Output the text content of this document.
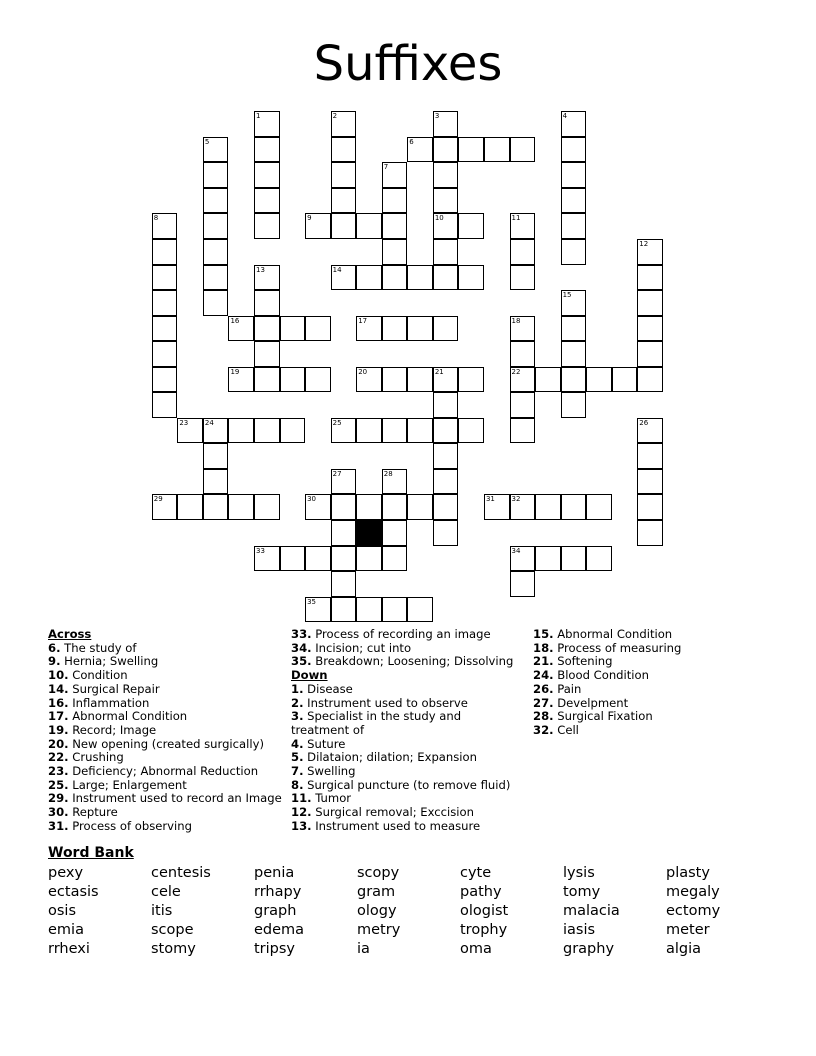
Suffixes
1	2	3	4
5	6
7
8	9	10	11
12
13	14
15
16	17	18
19	20	21	22
23 24	25	26
27	28
29	30	31 32
33	34
35
Across
6. The study of
9. Hernia; Swelling
10. Condition
14. Surgical Repair
16. Inflammation
17. Abnormal Condition
19. Record; Image
20. New opening (created surgically)
22. Crushing
23. Deficiency; Abnormal Reduction
25. Large; Enlargement
29. Instrument used to record an Image
30. Repture
31. Process of observing
33. Process of recording an image
34. Incision; cut into
35. Breakdown; Loosening; Dissolving
Down
1. Disease
2. Instrument used to observe
3. Specialist in the study and treatment of
4. Suture
5. Dilataion; dilation; Expansion
7. Swelling
8. Surgical puncture (to remove fluid)
11. Tumor
12. Surgical removal; Exccision
13. Instrument used to measure
15. Abnormal Condition
18. Process of measuring
21. Softening
24. Blood Condition
26. Pain
27. Develpment
28. Surgical Fixation
32. Cell
Word Bank
pexy
ectasis
osis
emia
rrhexi
centesis
cele
itis
scope
stomy
penia
rrhapy
graph
edema
tripsy
scopy
gram
ology
metry
ia
cyte
pathy
ologist
trophy
oma
lysis
tomy
malacia
iasis
graphy
plasty
megaly
ectomy
meter
algia
